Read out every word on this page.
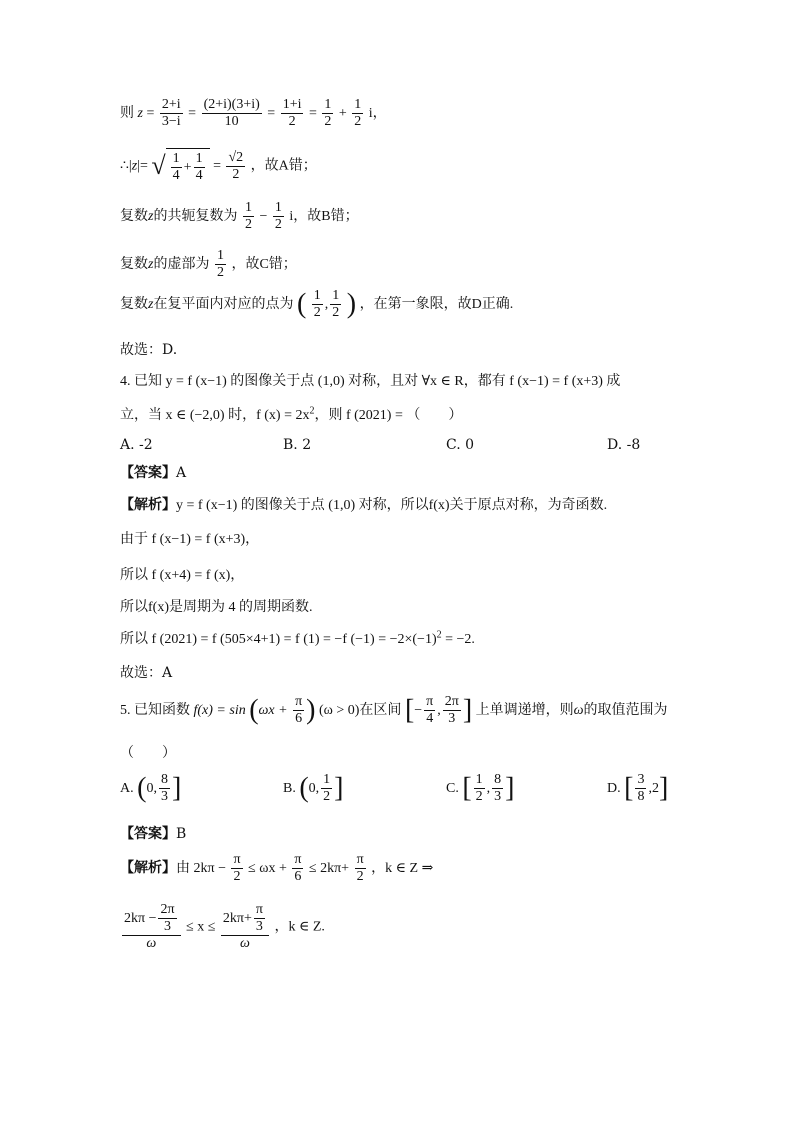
则 $z = \frac{2+i}{3-i} = \frac{(2+i)(3+i)}{10} = \frac{1+i}{2} = \frac{1}{2} + \frac{1}{2}$ i，
∴|z|= √ $\frac{1}{4} + \frac{1}{4} = \frac{√2}{2}$ ，故A错；
复数z的共轭复数为 $\frac{1}{2} - \frac{1}{2}$ i，故B错；
复数z的虚部为 $\frac{1}{2}$ ，故C错；
复数z在复平面内对应的点为 ( $\frac{1}{2}$ , $\frac{1}{2}$ ) ，在第一象限，故D正确.
故选：D.
4. 已知 y = f (x−1) 的图像关于点 (1,0) 对称，且对 ∀x ∈ R，都有 f (x−1) = f (x+3) 成
立，当 x ∈ (−2,0) 时，f $(x) = 2x^2$，则 f (2021) = （　　）
A. -2	B. 2	C. 0	D. -8
【答案】A
【解析】y = f (x−1) 的图像关于点 (1,0) 对称，所以f(x)关于原点对称，为奇函数.
由于 f (x−1) = f (x+3)，
所以 f (x+4) = f (x)，
所以f(x)是周期为 4 的周期函数.
所以 f (2021) = f (505×4+1) = f (1) = −f $(-1) = -2\times(-1)^2 = -2$.
故选：A
5. 已知函数 $f(x) = \sin (\omega x + \frac{\pi}{6}$ ) (ω > 0)在区间 [− $\frac{\pi}{4}$ , $\frac{2\pi}{3}$ ] 上单调递增，则ω的取值范围为
（　　）
A. (0, $\frac{8}{3}$ ]	B. (0, $\frac{1}{2}$ ]	C. [ $\frac{1}{2}$ , $\frac{8}{3}$ ]	D. [ $\frac{3}{8} ,2$]
【答案】B
【解析】由 $2k\pi - \frac{\pi}{2} \le \omega x + \frac{\pi}{6} \le 2k\pi+ \frac{\pi}{2}$ ，k ∈ Z ⇒
$\frac{2k\pi - \frac{2\pi}{3}}{\omega} \le x \le \frac{2k\pi+ \frac{\pi}{3}}{\omega}$ ，k ∈ Z.
